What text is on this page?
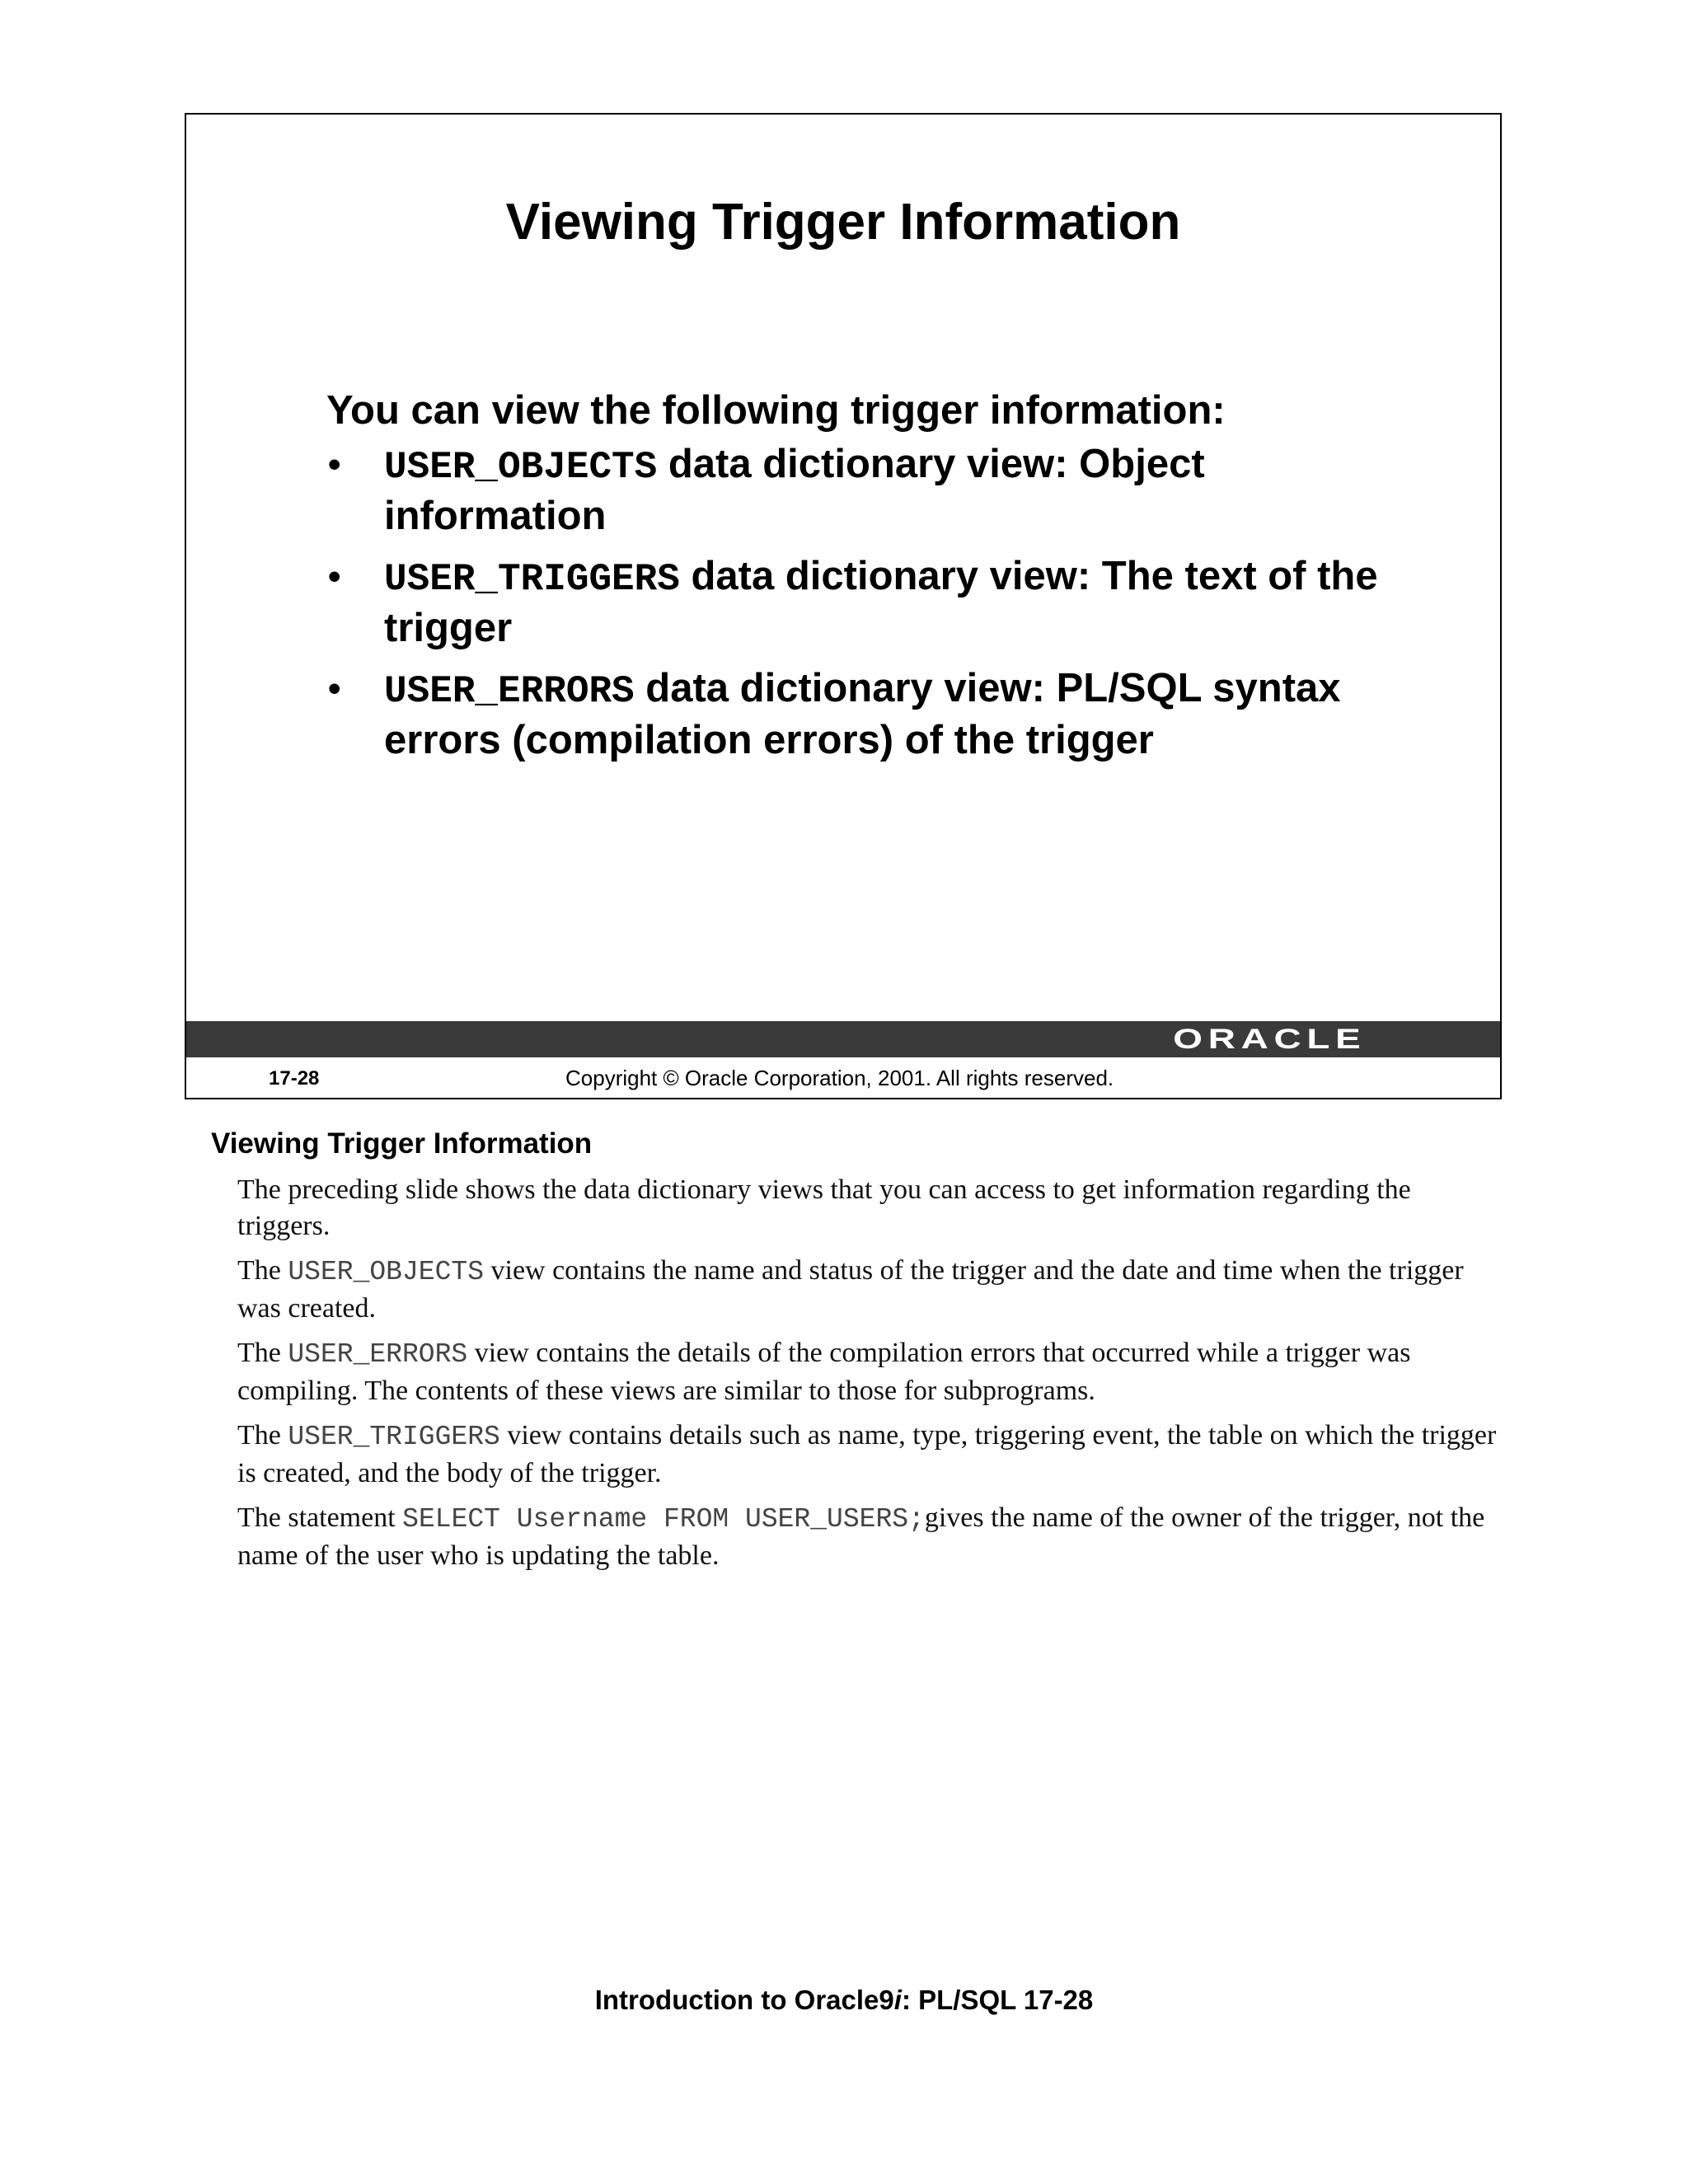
Viewing Trigger Information
You can view the following trigger information:
• USER_OBJECTS data dictionary view: Object information
• USER_TRIGGERS data dictionary view: The text of the trigger
• USER_ERRORS data dictionary view: PL/SQL syntax errors (compilation errors) of the trigger
ORACLE
17-28	Copyright © Oracle Corporation, 2001. All rights reserved.
Viewing Trigger Information

The preceding slide shows the data dictionary views that you can access to get information regarding the triggers.

The USER_OBJECTS view contains the name and status of the trigger and the date and time when the trigger was created.

The USER_ERRORS view contains the details of the compilation errors that occurred while a trigger was compiling. The contents of these views are similar to those for subprograms.

The USER_TRIGGERS view contains details such as name, type, triggering event, the table on which the trigger is created, and the body of the trigger.

The statement SELECT Username FROM USER_USERS;gives the name of the owner of the trigger, not the name of the user who is updating the table.

Introduction to Oracle9i: PL/SQL 17-28
